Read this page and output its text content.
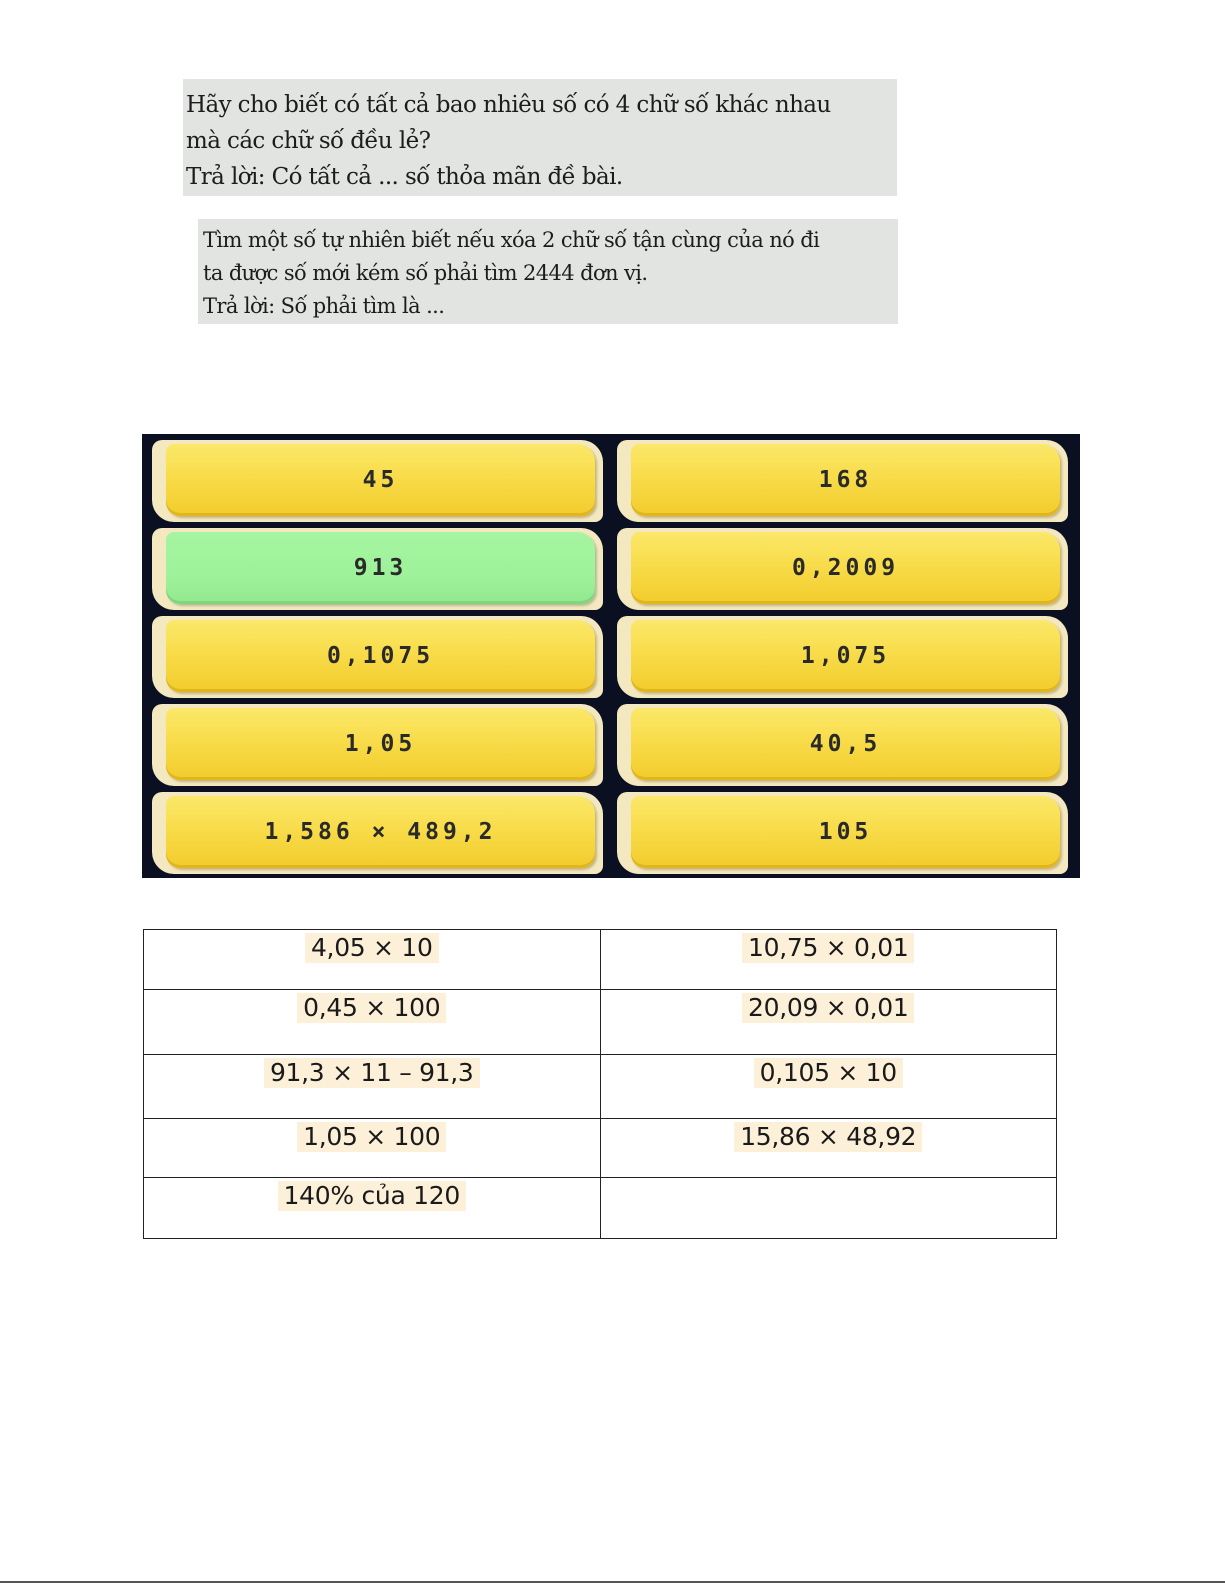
Hãy cho biết có tất cả bao nhiêu số có 4 chữ số khác nhau
mà các chữ số đều lẻ?
Trả lời: Có tất cả ... số thỏa mãn đề bài.
Tìm một số tự nhiên biết nếu xóa 2 chữ số tận cùng của nó đi
ta được số mới kém số phải tìm 2444 đơn vị.
Trả lời: Số phải tìm là ...
45	168
913	0,2009
0,1075	1,075
1,05	40,5
1,586 × 489,2	105
4,05 × 10	10,75 × 0,01
0,45 × 100	20,09 × 0,01
91,3 × 11 – 91,3	0,105 × 10
1,05 × 100	15,86 × 48,92
140% của 120	
